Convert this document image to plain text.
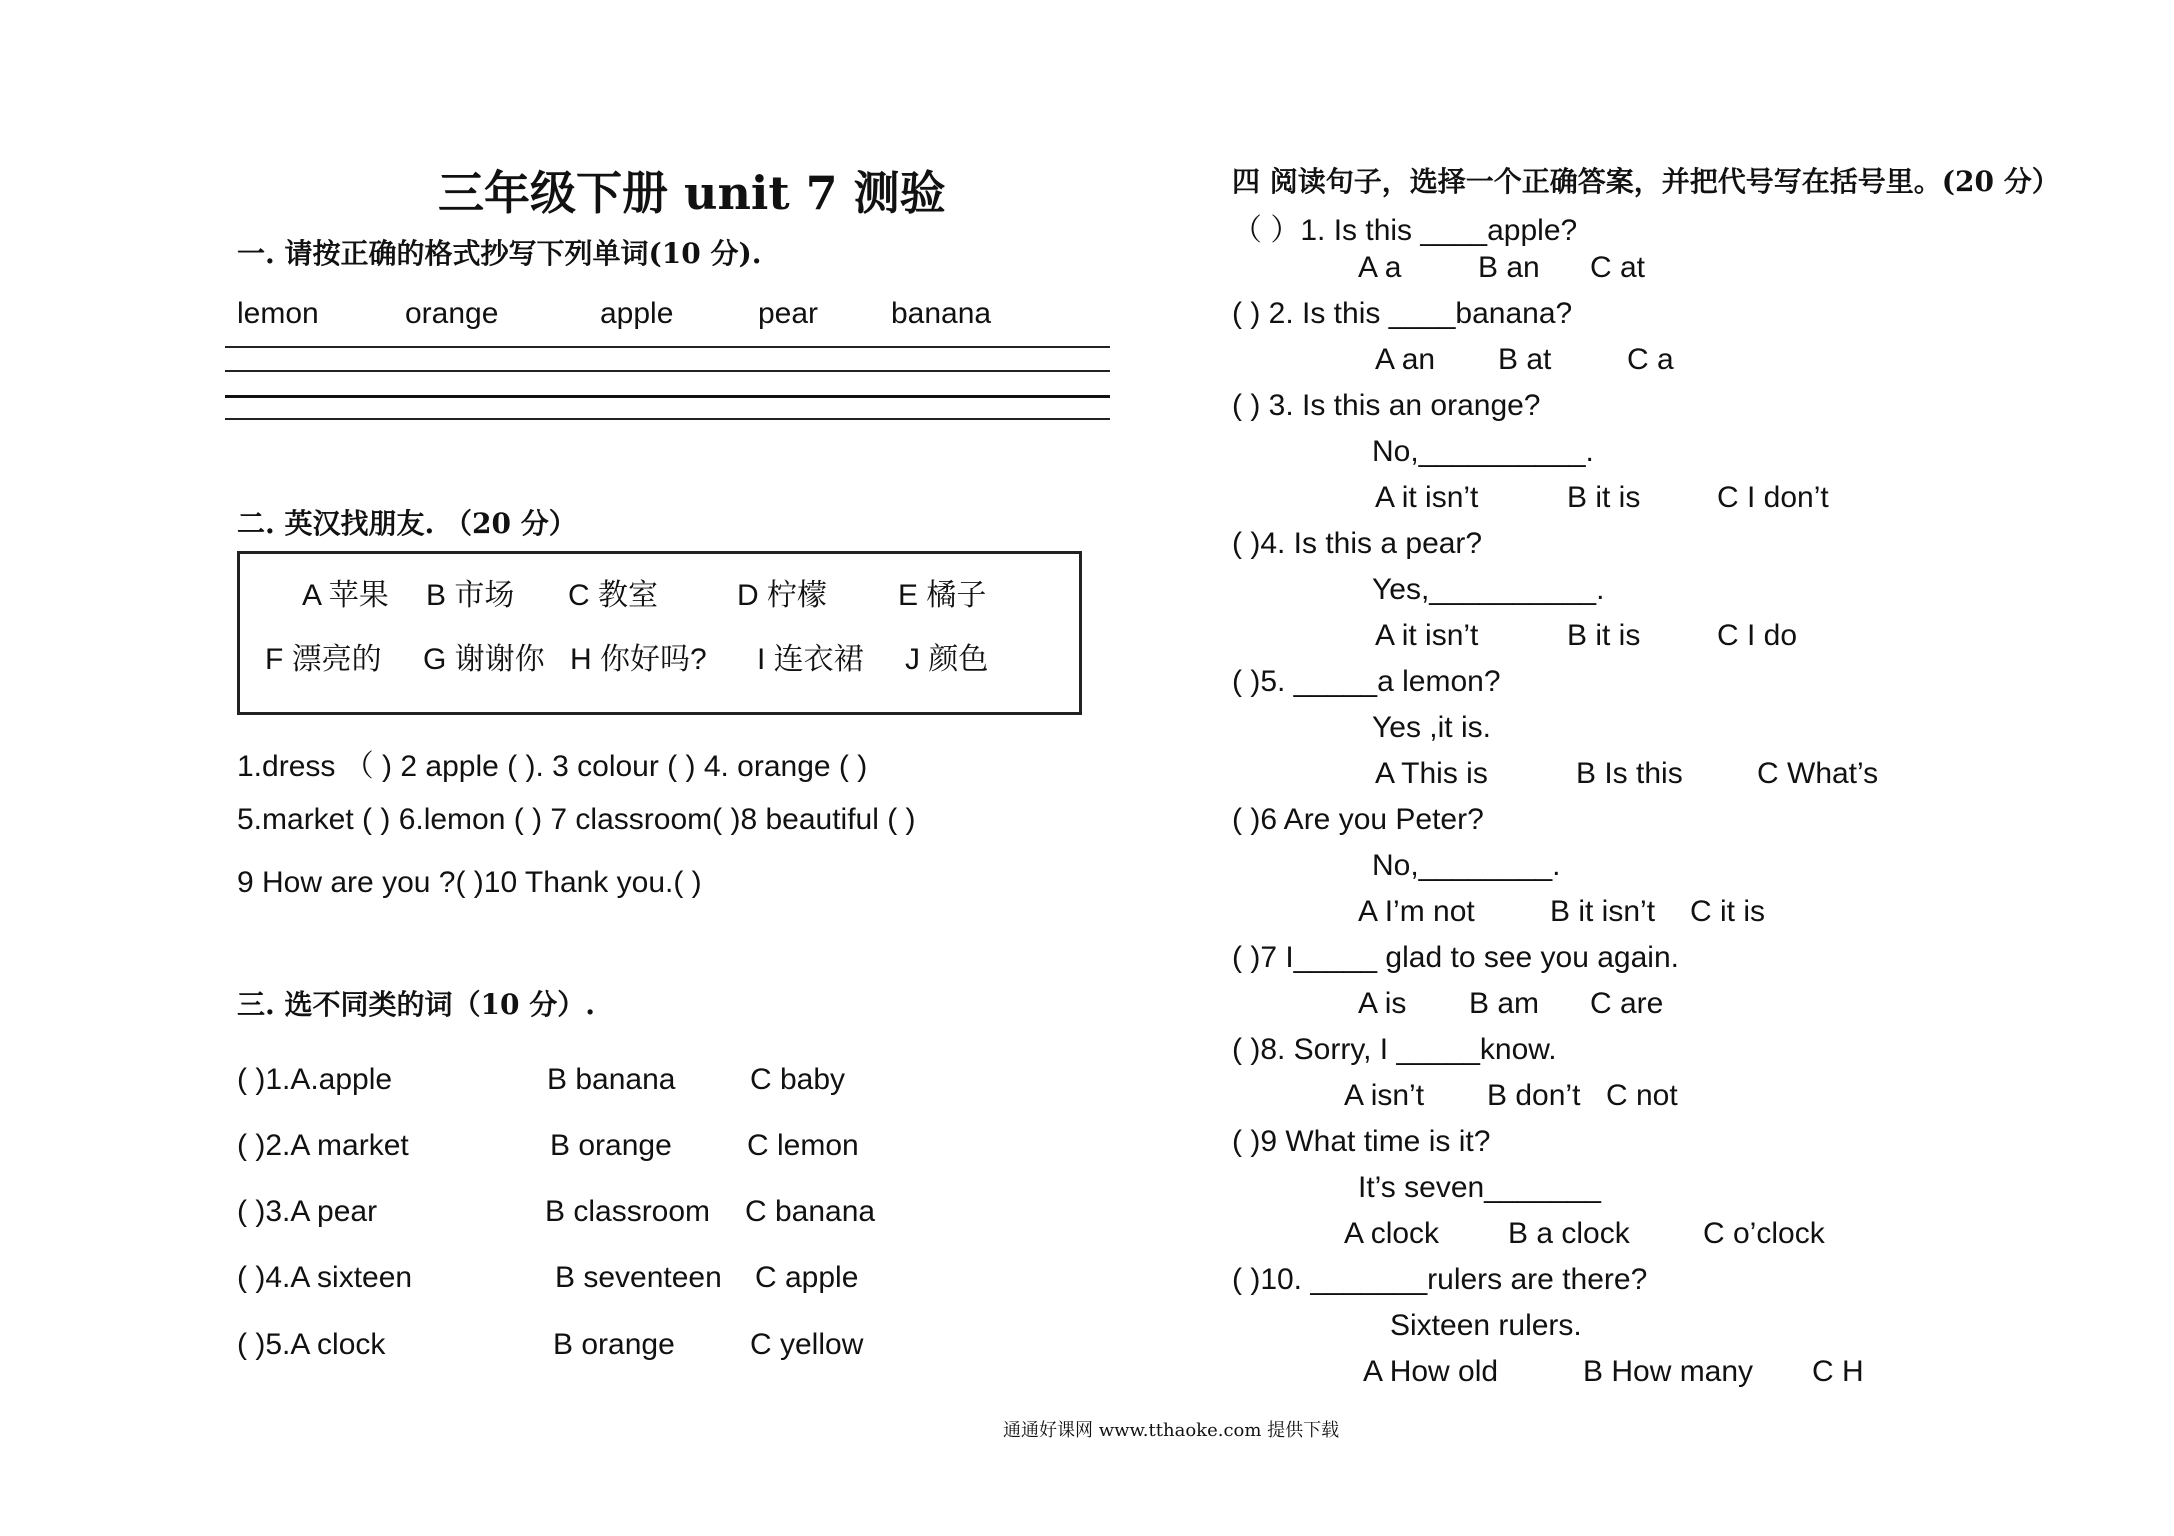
三年级下册 unit 7 测验
一. 请按正确的格式抄写下列单词(10 分).
lemon	orange	apple	pear banana
二. 英汉找朋友. （20 分）
A 苹果 B 市场 C 教室	D 柠檬 E 橘子
F 漂亮的 G 谢谢你 H 你好吗? I 连衣裙 J 颜色
1.dress （ ) 2 apple ( ). 3 colour ( ) 4. orange ( )
5.market ( ) 6.lemon ( ) 7 classroom( )8 beautiful ( )
9 How are you ?( )10 Thank you.( )
三. 选不同类的词（10 分）.
( )1.A.apple	B banana C baby
( )2.A market	B orange	C lemon
( )3.A pear	B classroom C banana
( )4.A sixteen	B seventeen C apple
( )5.A clock	B orange	C yellow
四 阅读句子，选择一个正确答案，并把代号写在括号里。(20 分）
（ ）1. Is this ____apple?
A a	B an C at
( ) 2. Is this ____banana?
A an B at	C a
( ) 3. Is this an orange?
No,__________.
A it isn’t	B it is	C I don’t
( )4. Is this a pear?
Yes,__________.
A it isn’t	B it is	C I do
( )5. _____a lemon?
Yes ,it is.
A This is	B Is this C What’s
( )6 Are you Peter?
No,________.
A I’m not	B it isn’t C it is
( )7 I_____ glad to see you again.
A is B am C are
( )8. Sorry, I _____know.
A isn’t B don’t C not
( )9 What time is it?
It’s seven_______
A clock B a clock C o’clock
( )10. _______rulers are there?
Sixteen rulers.
A How old	B How many C H
通通好课网 www.tthaoke.com 提供下载
